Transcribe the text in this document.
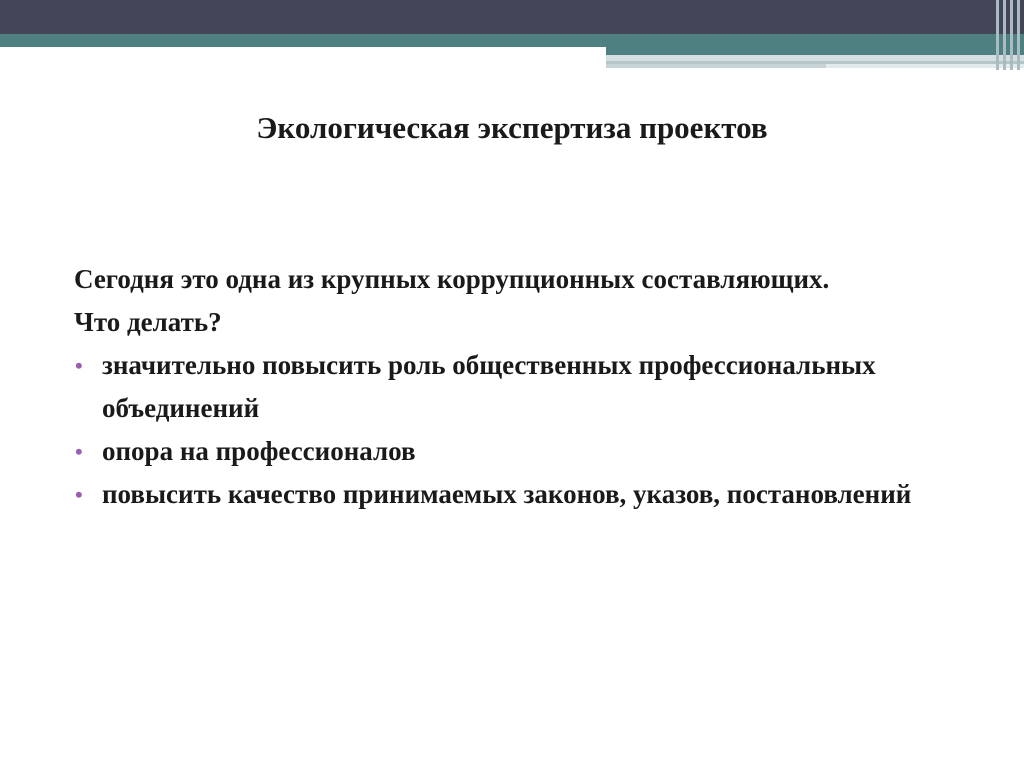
Экологическая экспертиза проектов

Сегодня это одна из крупных коррупционных составляющих.

Что делать?

• значительно повысить роль общественных профессиональных объединений
• опора на профессионалов
• повысить качество принимаемых законов, указов, постановлений
